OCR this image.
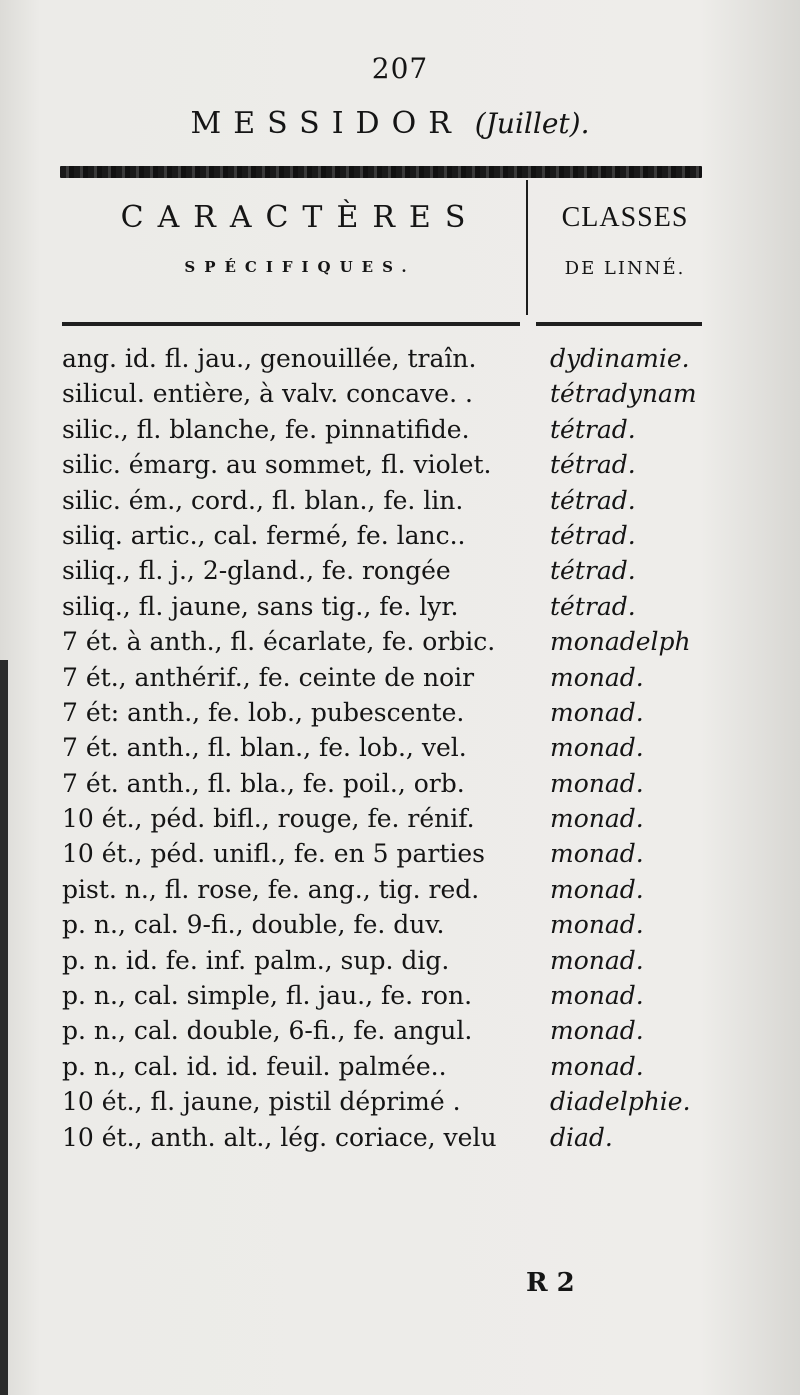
207
MESSIDOR (Juillet).
CARACTÈRES
SPÉCIFIQUES.
CLASSES
DE LINNÉ.
ang. id. fl. jau., genouillée, traîn.	dydinamie.
silicul. entière, à valv. concave. .	tétradynam
silic., fl. blanche, fe. pinnatifide.	tétrad.
silic. émarg. au sommet, fl. violet.	tétrad.
silic. ém., cord., fl. blan., fe. lin.	tétrad.
siliq. artic., cal. fermé, fe. lanc..	tétrad.
siliq., fl. j., 2-gland., fe. rongée	tétrad.
siliq., fl. jaune, sans tig., fe. lyr.	tétrad.
7 ét. à anth., fl. écarlate, fe. orbic.	monadelph
7 ét., anthérif., fe. ceinte de noir	monad.
7 ét: anth., fe. lob., pubescente.	monad.
7 ét. anth., fl. blan., fe. lob., vel.	monad.
7 ét. anth., fl. bla., fe. poil., orb.	monad.
10 ét., péd. bifl., rouge, fe. rénif.	monad.
10 ét., péd. unifl., fe. en 5 parties	monad.
pist. n., fl. rose, fe. ang., tig. red.	monad.
p. n., cal. 9-fi., double, fe. duv.	monad.
p. n. id. fe. inf. palm., sup. dig.	monad.
p. n., cal. simple, fl. jau., fe. ron.	monad.
p. n., cal. double, 6-fi., fe. angul.	monad.
p. n., cal. id. id. feuil. palmée..	monad.
10 ét., fl. jaune, pistil déprimé .	diadelphie.
10 ét., anth. alt., lég. coriace, velu	diad.
R 2
